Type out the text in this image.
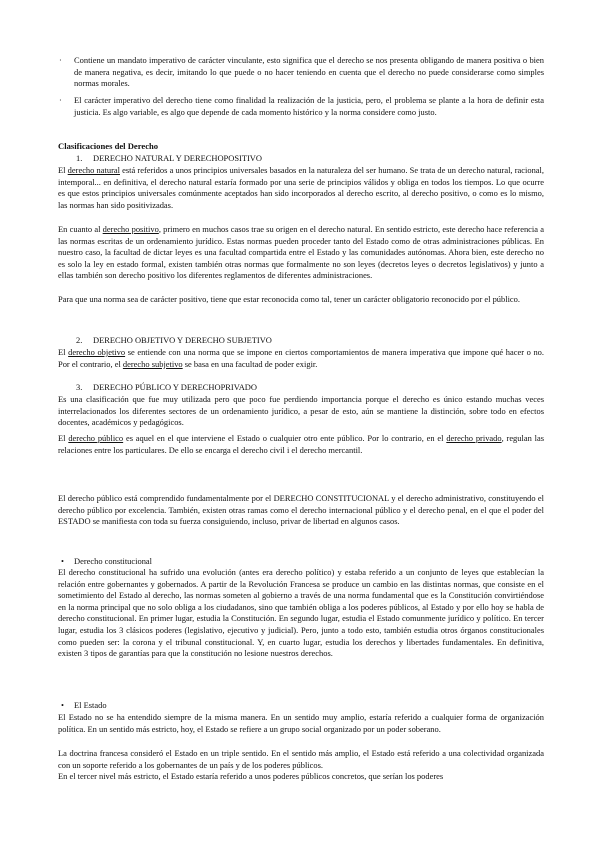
· Contiene un mandato imperativo de carácter vinculante, esto significa que el derecho se nos presenta obligando de manera positiva o bien de manera negativa, es decir, imitando lo que puede o no hacer teniendo en cuenta que el derecho no puede considerarse como simples normas morales.

· El carácter imperativo del derecho tiene como finalidad la realización de la justicia, pero, el problema se plante a la hora de definir esta justicia. Es algo variable, es algo que depende de cada momento histórico y la norma considere como justo.

Clasificaciones del Derecho

1. DERECHO NATURAL Y DERECHOPOSITIVO

El derecho natural está referidos a unos principios universales basados en la naturaleza del ser humano. Se trata de un derecho natural, racional, intemporal... en definitiva, el derecho natural estaría formado por una serie de principios válidos y obliga en todos los tiempos. Lo que ocurre es que estos principios universales comúnmente aceptados han sido incorporados al derecho escrito, al derecho positivo, o como es lo mismo, las normas han sido positivizadas.

En cuanto al derecho positivo, primero en muchos casos trae su origen en el derecho natural. En sentido estricto, este derecho hace referencia a las normas escritas de un ordenamiento jurídico. Estas normas pueden proceder tanto del Estado como de otras administraciones públicas. En nuestro caso, la facultad de dictar leyes es una facultad compartida entre el Estado y las comunidades autónomas. Ahora bien, este derecho no es solo la ley en estado formal, existen también otras normas que formalmente no son leyes (decretos leyes o decretos legislativos) y junto a ellas también son derecho positivo los diferentes reglamentos de diferentes administraciones.

Para que una norma sea de carácter positivo, tiene que estar reconocida como tal, tener un carácter obligatorio reconocido por el público.

2. DERECHO OBJETIVO Y DERECHO SUBJETIVO

El derecho objetivo se entiende con una norma que se impone en ciertos comportamientos de manera imperativa que impone qué hacer o no. Por el contrario, el derecho subjetivo se basa en una facultad de poder exigir.

3. DERECHO PÚBLICO Y DERECHOPRIVADO

Es una clasificación que fue muy utilizada pero que poco fue perdiendo importancia porque el derecho es único estando muchas veces interrelacionados los diferentes sectores de un ordenamiento jurídico, a pesar de esto, aún se mantiene la distinción, sobre todo en efectos docentes, académicos y pedagógicos.

El derecho público es aquel en el que interviene el Estado o cualquier otro ente público. Por lo contrario, en el derecho privado, regulan las relaciones entre los particulares. De ello se encarga el derecho civil i el derecho mercantil.

El derecho público está comprendido fundamentalmente por el DERECHO CONSTITUCIONAL y el derecho administrativo, constituyendo el derecho público por excelencia. También, existen otras ramas como el derecho internacional público y el derecho penal, en el que el poder del ESTADO se manifiesta con toda su fuerza consiguiendo, incluso, privar de libertad en algunos casos.

• Derecho constitucional

El derecho constitucional ha sufrido una evolución (antes era derecho político) y estaba referido a un conjunto de leyes que establecían la relación entre gobernantes y gobernados. A partir de la Revolución Francesa se produce un cambio en las distintas normas, que consiste en el sometimiento del Estado al derecho, las normas someten al gobierno a través de una norma fundamental que es la Constitución convirtiéndose en la norma principal que no solo obliga a los ciudadanos, sino que también obliga a los poderes públicos, al Estado y por ello hoy se habla de derecho constitucional. En primer lugar, estudia la Constitución. En segundo lugar, estudia el Estado comunmente jurídico y político. En tercer lugar, estudia los 3 clásicos poderes (legislativo, ejecutivo y judicial). Pero, junto a todo esto, también estudia otros órganos constitucionales como pueden ser: la corona y el tribunal constitucional. Y, en cuarto lugar, estudia los derechos y libertades fundamentales. En definitiva, existen 3 tipos de garantías para que la constitución no lesione nuestros derechos.

• El Estado

El Estado no se ha entendido siempre de la misma manera. En un sentido muy amplio, estaría referido a cualquier forma de organización política. En un sentido más estricto, hoy, el Estado se refiere a un grupo social organizado por un poder soberano.

La doctrina francesa consideró el Estado en un triple sentido. En el sentido más amplio, el Estado está referido a una colectividad organizada con un soporte referido a los gobernantes de un país y de los poderes públicos.

En el tercer nivel más estricto, el Estado estaría referido a unos poderes públicos concretos, que serían los poderes
